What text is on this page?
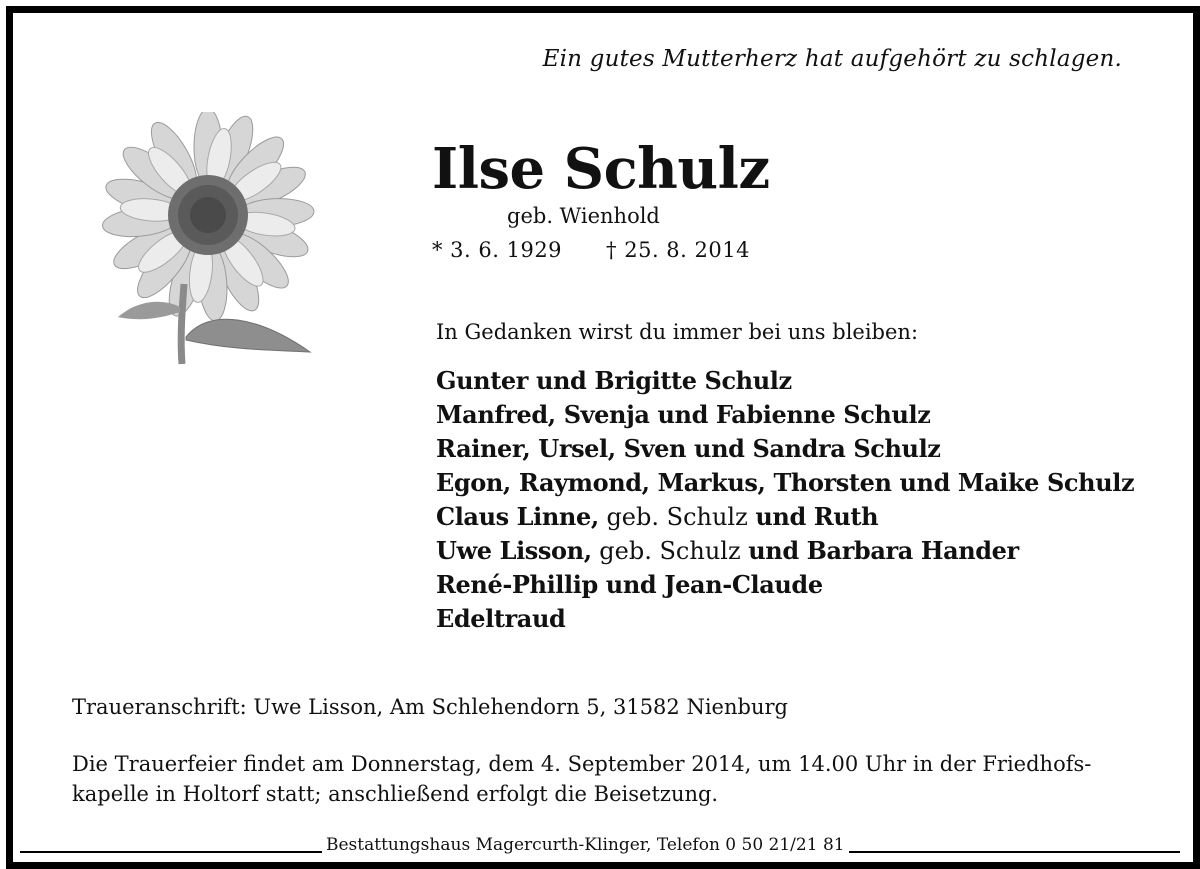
Ein gutes Mutterherz hat aufgehört zu schlagen.
Ilse Schulz
geb. Wienhold
* 3. 6. 1929 † 25. 8. 2014
In Gedanken wirst du immer bei uns bleiben:
Gunter und Brigitte Schulz
Manfred, Svenja und Fabienne Schulz
Rainer, Ursel, Sven und Sandra Schulz
Egon, Raymond, Markus, Thorsten und Maike Schulz
Claus Linne, geb. Schulz und Ruth
Uwe Lisson, geb. Schulz und Barbara Hander
René-Phillip und Jean-Claude
Edeltraud
Traueranschrift: Uwe Lisson, Am Schlehendorn 5, 31582 Nienburg
Die Trauerfeier findet am Donnerstag, dem 4. September 2014, um 14.00 Uhr in der Friedhofs-
kapelle in Holtorf statt; anschließend erfolgt die Beisetzung.
Bestattungshaus Magercurth-Klinger, Telefon 0 50 21/21 81
